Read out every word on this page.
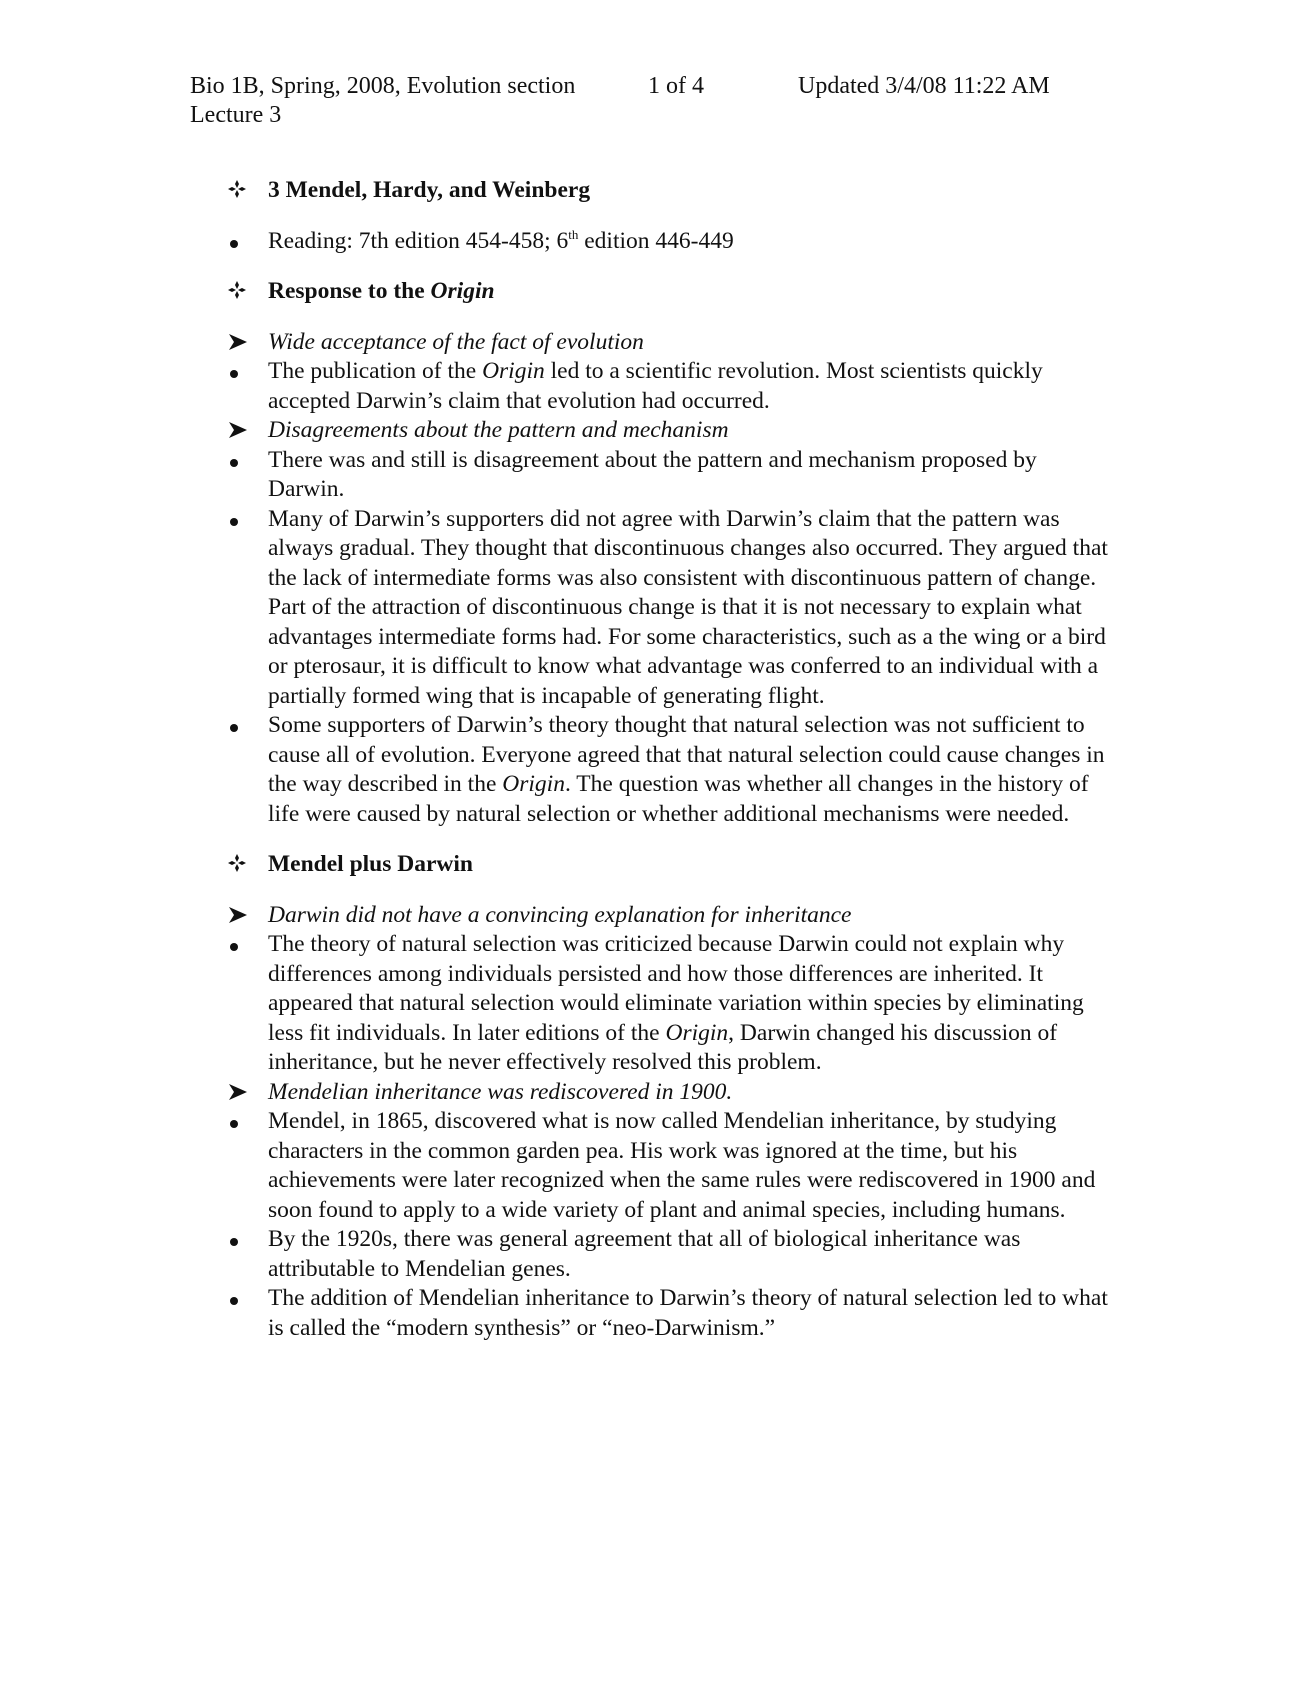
Bio 1B, Spring, 2008, Evolution section	1 of 4	Updated 3/4/08 11:22 AM
Lecture 3
3 Mendel, Hardy, and Weinberg
Reading: 7th edition 454-458; 6th edition 446-449
Response to the Origin
Wide acceptance of the fact of evolution
The publication of the Origin led to a scientific revolution. Most scientists quickly accepted Darwin’s claim that evolution had occurred.
Disagreements about the pattern and mechanism
There was and still is disagreement about the pattern and mechanism proposed by Darwin.
Many of Darwin’s supporters did not agree with Darwin’s claim that the pattern was always gradual. They thought that discontinuous changes also occurred. They argued that the lack of intermediate forms was also consistent with discontinuous pattern of change. Part of the attraction of discontinuous change is that it is not necessary to explain what advantages intermediate forms had. For some characteristics, such as a the wing or a bird or pterosaur, it is difficult to know what advantage was conferred to an individual with a partially formed wing that is incapable of generating flight.
Some supporters of Darwin’s theory thought that natural selection was not sufficient to cause all of evolution. Everyone agreed that that natural selection could cause changes in the way described in the Origin. The question was whether all changes in the history of life were caused by natural selection or whether additional mechanisms were needed.
Mendel plus Darwin
Darwin did not have a convincing explanation for inheritance
The theory of natural selection was criticized because Darwin could not explain why differences among individuals persisted and how those differences are inherited. It appeared that natural selection would eliminate variation within species by eliminating less fit individuals. In later editions of the Origin, Darwin changed his discussion of inheritance, but he never effectively resolved this problem.
Mendelian inheritance was rediscovered in 1900.
Mendel, in 1865, discovered what is now called Mendelian inheritance, by studying characters in the common garden pea. His work was ignored at the time, but his achievements were later recognized when the same rules were rediscovered in 1900 and soon found to apply to a wide variety of plant and animal species, including humans.
By the 1920s, there was general agreement that all of biological inheritance was attributable to Mendelian genes.
The addition of Mendelian inheritance to Darwin’s theory of natural selection led to what is called the “modern synthesis” or “neo-Darwinism.”
